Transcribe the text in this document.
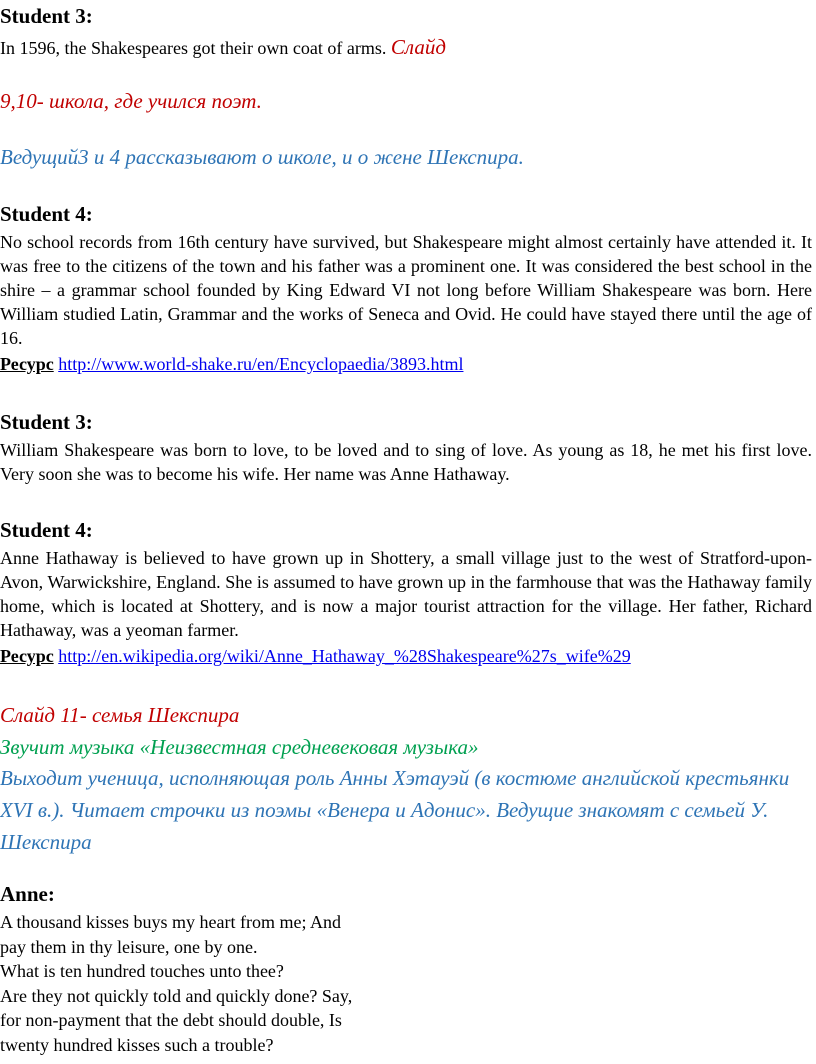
Student 3:
In 1596, the Shakespeares got their own coat of arms. Слайд
9,10- школа, где учился поэт.
Ведущий3 и 4 рассказывают о школе, и о жене Шекспира.
Student 4:
No school records from 16th century have survived, but Shakespeare might almost certainly have attended it. It was free to the citizens of the town and his father was a prominent one. It was considered the best school in the shire – a grammar school founded by King Edward VI not long before William Shakespeare was born. Here William studied Latin, Grammar and the works of Seneca and Ovid. He could have stayed there until the age of 16.
Ресурс http://www.world-shake.ru/en/Encyclopaedia/3893.html
Student 3:
William Shakespeare was born to love, to be loved and to sing of love. As young as 18, he met his first love. Very soon she was to become his wife. Her name was Anne Hathaway.
Student 4:
Anne Hathaway is believed to have grown up in Shottery, a small village just to the west of Stratford-upon-Avon, Warwickshire, England. She is assumed to have grown up in the farmhouse that was the Hathaway family home, which is located at Shottery, and is now a major tourist attraction for the village. Her father, Richard Hathaway, was a yeoman farmer.
Ресурс http://en.wikipedia.org/wiki/Anne_Hathaway_%28Shakespeare%27s_wife%29
Слайд 11- семья Шекспира
Звучит музыка «Неизвестная средневековая музыка»
Выходит ученица, исполняющая роль Анны Хэтауэй (в костюме английской крестьянки XVI в.). Читает строчки из поэмы «Венера и Адонис». Ведущие знакомят с семьей У. Шекспира
Anne:

A thousand kisses buys my heart from me; And

pay them in thy leisure, one by one.

What is ten hundred touches unto thee?

Are they not quickly told and quickly done? Say,

for non-payment that the debt should double, Is

twenty hundred kisses such a trouble?
